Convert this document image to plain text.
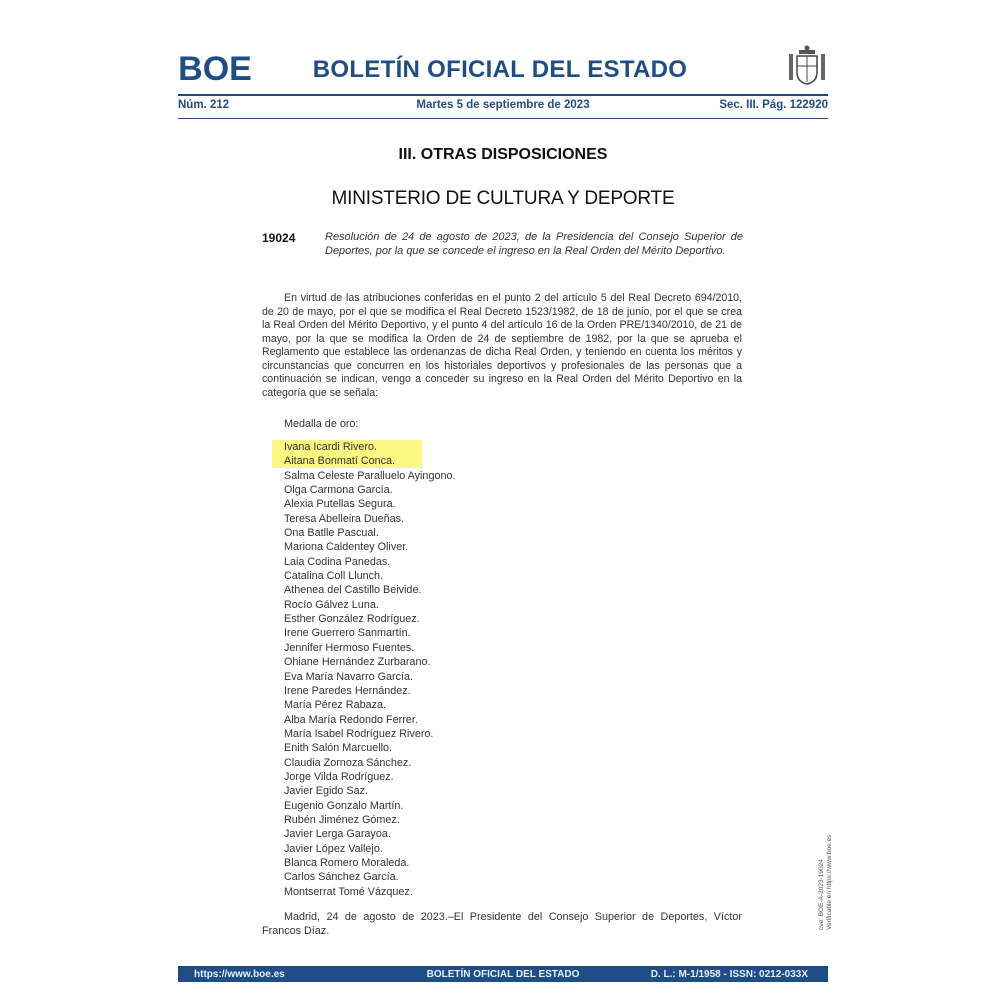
BOE	BOLETÍN OFICIAL DEL ESTADO
Núm. 212	Martes 5 de septiembre de 2023	Sec. III. Pág. 122920
III. OTRAS DISPOSICIONES
MINISTERIO DE CULTURA Y DEPORTE
19024	Resolución de 24 de agosto de 2023, de la Presidencia del Consejo Superior de Deportes, por la que se concede el ingreso en la Real Orden del Mérito Deportivo.
En virtud de las atribuciones conferidas en el punto 2 del artículo 5 del Real Decreto 694/2010, de 20 de mayo, por el que se modifica el Real Decreto 1523/1982, de 18 de junio, por el que se crea la Real Orden del Mérito Deportivo, y el punto 4 del artículo 16 de la Orden PRE/1340/2010, de 21 de mayo, por la que se modifica la Orden de 24 de septiembre de 1982, por la que se aprueba el Reglamento que establece las ordenanzas de dicha Real Orden, y teniendo en cuenta los méritos y circunstancias que concurren en los historiales deportivos y profesionales de las personas que a continuación se indican, vengo a conceder su ingreso en la Real Orden del Mérito Deportivo en la categoría que se señala:
Medalla de oro:
Ivana Icardi Rivero.
Aitana Bonmatí Conca.
Salma Celeste Paralluelo Ayingono.
Olga Carmona García.
Alexia Putellas Segura.
Teresa Abelleira Dueñas.
Ona Batlle Pascual.
Mariona Caldentey Oliver.
Laia Codina Panedas.
Catalina Coll Llunch.
Athenea del Castillo Beivide.
Rocío Gálvez Luna.
Esther González Rodríguez.
Irene Guerrero Sanmartín.
Jennifer Hermoso Fuentes.
Ohiane Hernández Zurbarano.
Eva María Navarro García.
Irene Paredes Hernández.
María Pérez Rabaza.
Alba María Redondo Ferrer.
María Isabel Rodríguez Rivero.
Enith Salón Marcuello.
Claudia Zornoza Sánchez.
Jorge Vilda Rodríguez.
Javier Egido Saz.
Eugenio Gonzalo Martín.
Rubén Jiménez Gómez.
Javier Lerga Garayoa.
Javier López Vallejo.
Blanca Romero Moraleda.
Carlos Sánchez García.
Montserrat Tomé Vázquez.
Madrid, 24 de agosto de 2023.–El Presidente del Consejo Superior de Deportes, Víctor Francos Díaz.
cve: BOE-A-2023-19024 Verificable en https://www.boe.es
https://www.boe.es	BOLETÍN OFICIAL DEL ESTADO	D. L.: M-1/1958 - ISSN: 0212-033X
